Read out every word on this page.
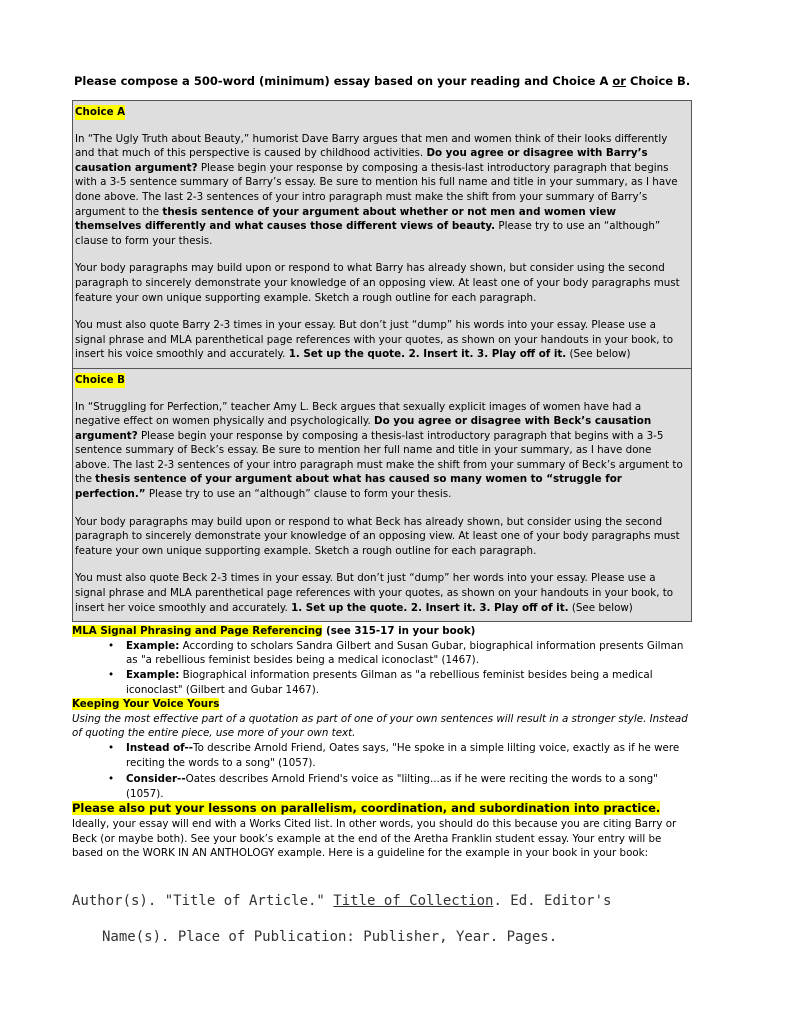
Please compose a 500-word (minimum) essay based on your reading and Choice A or Choice B.
Choice A

In “The Ugly Truth about Beauty,” humorist Dave Barry argues that men and women think of their looks differently and that much of this perspective is caused by childhood activities. Do you agree or disagree with Barry’s causation argument? Please begin your response by composing a thesis-last introductory paragraph that begins with a 3-5 sentence summary of Barry’s essay. Be sure to mention his full name and title in your summary, as I have done above. The last 2-3 sentences of your intro paragraph must make the shift from your summary of Barry’s argument to the thesis sentence of your argument about whether or not men and women view themselves differently and what causes those different views of beauty. Please try to use an “although” clause to form your thesis.

Your body paragraphs may build upon or respond to what Barry has already shown, but consider using the second paragraph to sincerely demonstrate your knowledge of an opposing view. At least one of your body paragraphs must feature your own unique supporting example. Sketch a rough outline for each paragraph.

You must also quote Barry 2-3 times in your essay. But don’t just “dump” his words into your essay. Please use a signal phrase and MLA parenthetical page references with your quotes, as shown on your handouts in your book, to insert his voice smoothly and accurately. 1. Set up the quote. 2. Insert it. 3. Play off of it. (See below)

Choice B

In “Struggling for Perfection,” teacher Amy L. Beck argues that sexually explicit images of women have had a negative effect on women physically and psychologically. Do you agree or disagree with Beck’s causation argument? Please begin your response by composing a thesis-last introductory paragraph that begins with a 3-5 sentence summary of Beck’s essay. Be sure to mention her full name and title in your summary, as I have done above. The last 2-3 sentences of your intro paragraph must make the shift from your summary of Beck’s argument to the thesis sentence of your argument about what has caused so many women to “struggle for perfection.” Please try to use an “although” clause to form your thesis.

Your body paragraphs may build upon or respond to what Beck has already shown, but consider using the second paragraph to sincerely demonstrate your knowledge of an opposing view. At least one of your body paragraphs must feature your own unique supporting example. Sketch a rough outline for each paragraph.

You must also quote Beck 2-3 times in your essay. But don’t just “dump” her words into your essay. Please use a signal phrase and MLA parenthetical page references with your quotes, as shown on your handouts in your book, to insert her voice smoothly and accurately. 1. Set up the quote. 2. Insert it. 3. Play off of it. (See below)

MLA Signal Phrasing and Page Referencing (see 315-17 in your book)

• Example: According to scholars Sandra Gilbert and Susan Gubar, biographical information presents Gilman as "a rebellious feminist besides being a medical iconoclast" (1467).
• Example: Biographical information presents Gilman as "a rebellious feminist besides being a medical iconoclast" (Gilbert and Gubar 1467).

Keeping Your Voice Yours

Using the most effective part of a quotation as part of one of your own sentences will result in a stronger style. Instead of quoting the entire piece, use more of your own text.

• Instead of--To describe Arnold Friend, Oates says, "He spoke in a simple lilting voice, exactly as if he were reciting the words to a song" (1057).
• Consider--Oates describes Arnold Friend's voice as "lilting...as if he were reciting the words to a song" (1057).

Please also put your lessons on parallelism, coordination, and subordination into practice.

Ideally, your essay will end with a Works Cited list. In other words, you should do this because you are citing Barry or Beck (or maybe both). See your book’s example at the end of the Aretha Franklin student essay. Your entry will be based on the WORK IN AN ANTHOLOGY example. Here is a guideline for the example in your book in your book:

Author(s). "Title of Article." Title of Collection. Ed. Editor's
Name(s). Place of Publication: Publisher, Year. Pages.
